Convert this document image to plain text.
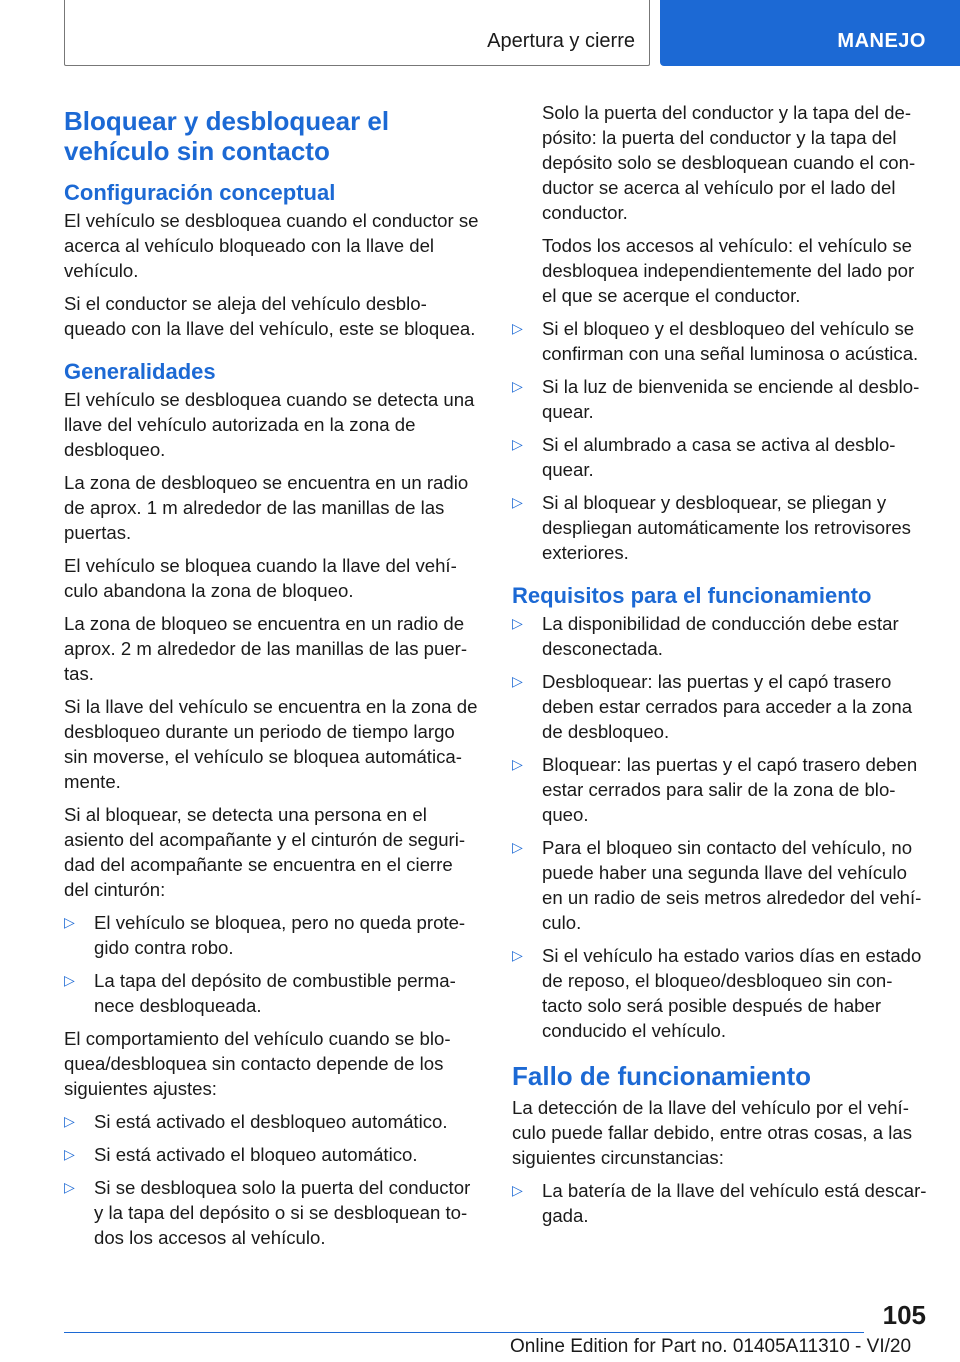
Apertura y cierre	MANEJO
Bloquear y desbloquear el vehículo sin contacto
Configuración conceptual

El vehículo se desbloquea cuando el conductor se acerca al vehículo bloqueado con la llave del vehículo.

Si el conductor se aleja del vehículo desblo‐ queado con la llave del vehículo, este se bloquea.

Generalidades

El vehículo se desbloquea cuando se detecta una llave del vehículo autorizada en la zona de desbloqueo.

La zona de desbloqueo se encuentra en un radio de aprox. 1 m alrededor de las manillas de las puertas.

El vehículo se bloquea cuando la llave del vehí‐ culo abandona la zona de bloqueo.

La zona de bloqueo se encuentra en un radio de aprox. 2 m alrededor de las manillas de las puer‐ tas.

Si la llave del vehículo se encuentra en la zona de desbloqueo durante un periodo de tiempo largo sin moverse, el vehículo se bloquea automática‐ mente.

Si al bloquear, se detecta una persona en el asiento del acompañante y el cinturón de seguri‐ dad del acompañante se encuentra en el cierre del cinturón:

▷ El vehículo se bloquea, pero no queda prote‐ gido contra robo.
▷ La tapa del depósito de combustible perma‐ nece desbloqueada.

El comportamiento del vehículo cuando se blo‐ quea/desbloquea sin contacto depende de los siguientes ajustes:

▷ Si está activado el desbloqueo automático.
▷ Si está activado el bloqueo automático.
▷ Si se desbloquea solo la puerta del conductor y la tapa del depósito o si se desbloquean to‐ dos los accesos al vehículo.

Solo la puerta del conductor y la tapa del de‐ pósito: la puerta del conductor y la tapa del depósito solo se desbloquean cuando el con‐ ductor se acerca al vehículo por el lado del conductor.

Todos los accesos al vehículo: el vehículo se desbloquea independientemente del lado por el que se acerque el conductor.

▷ Si el bloqueo y el desbloqueo del vehículo se confirman con una señal luminosa o acústica.
▷ Si la luz de bienvenida se enciende al desblo‐ quear.
▷ Si el alumbrado a casa se activa al desblo‐ quear.
▷ Si al bloquear y desbloquear, se pliegan y despliegan automáticamente los retrovisores exteriores.
Requisitos para el funcionamiento
▷ La disponibilidad de conducción debe estar desconectada.
▷ Desbloquear: las puertas y el capó trasero deben estar cerrados para acceder a la zona de desbloqueo.
▷ Bloquear: las puertas y el capó trasero deben estar cerrados para salir de la zona de blo‐ queo.
▷ Para el bloqueo sin contacto del vehículo, no puede haber una segunda llave del vehículo en un radio de seis metros alrededor del vehí‐ culo.
▷ Si el vehículo ha estado varios días en estado de reposo, el bloqueo/desbloqueo sin con‐ tacto solo será posible después de haber conducido el vehículo.
Fallo de funcionamiento

La detección de la llave del vehículo por el vehí‐ culo puede fallar debido, entre otras cosas, a las siguientes circunstancias:

▷ La batería de la llave del vehículo está descar‐ gada.
105
Online Edition for Part no. 01405A11310 - VI/20
